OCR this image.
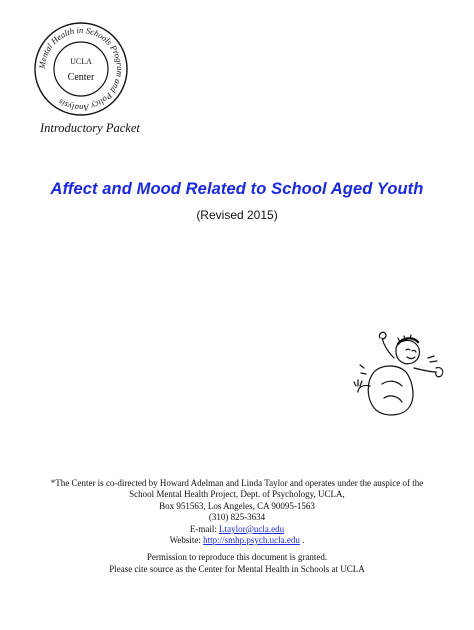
Mental Health in Schools Program and Policy Analysis
UCLA
Center
Introductory Packet
Affect and Mood Related to School Aged Youth
(Revised 2015)
*The Center is co-directed by Howard Adelman and Linda Taylor and operates under the auspice of the
School Mental Health Project, Dept. of Psychology, UCLA,
Box 951563, Los Angeles, CA 90095-1563
(310) 825-3634
E-mail: Ltaylor@ucla.edu
Website: http://smhp.psych.ucla.edu .
Permission to reproduce this document is granted.
Please cite source as the Center for Mental Health in Schools at UCLA
